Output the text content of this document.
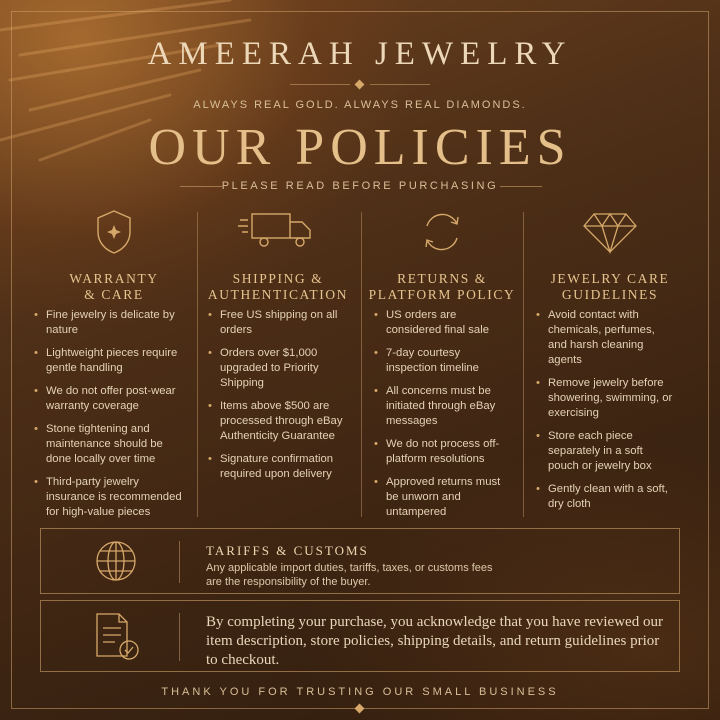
AMEERAH JEWELRY
ALWAYS REAL GOLD. ALWAYS REAL DIAMONDS.
OUR POLICIES
PLEASE READ BEFORE PURCHASING
WARRANTY
& CARE
• Fine jewelry is delicate by nature
• Lightweight pieces require gentle handling
• We do not offer post-wear warranty coverage
• Stone tightening and maintenance should be done locally over time
• Third-party jewelry insurance is recommended for high-value pieces
SHIPPING &
AUTHENTICATION
• Free US shipping on all orders
• Orders over $1,000 upgraded to Priority Shipping
• Items above $500 are processed through eBay Authenticity Guarantee
• Signature confirmation required upon delivery
RETURNS &
PLATFORM POLICY
• US orders are considered final sale
• 7-day courtesy inspection timeline
• All concerns must be initiated through eBay messages
• We do not process off-platform resolutions
• Approved returns must be unworn and untampered
JEWELRY CARE
GUIDELINES
• Avoid contact with chemicals, perfumes, and harsh cleaning agents
• Remove jewelry before showering, swimming, or exercising
• Store each piece separately in a soft pouch or jewelry box
• Gently clean with a soft, dry cloth
TARIFFS & CUSTOMS
Any applicable import duties, tariffs, taxes, or customs fees are the responsibility of the buyer.
By completing your purchase, you acknowledge that you have reviewed our item description, store policies, shipping details, and return guidelines prior to checkout.
THANK YOU FOR TRUSTING OUR SMALL BUSINESS
